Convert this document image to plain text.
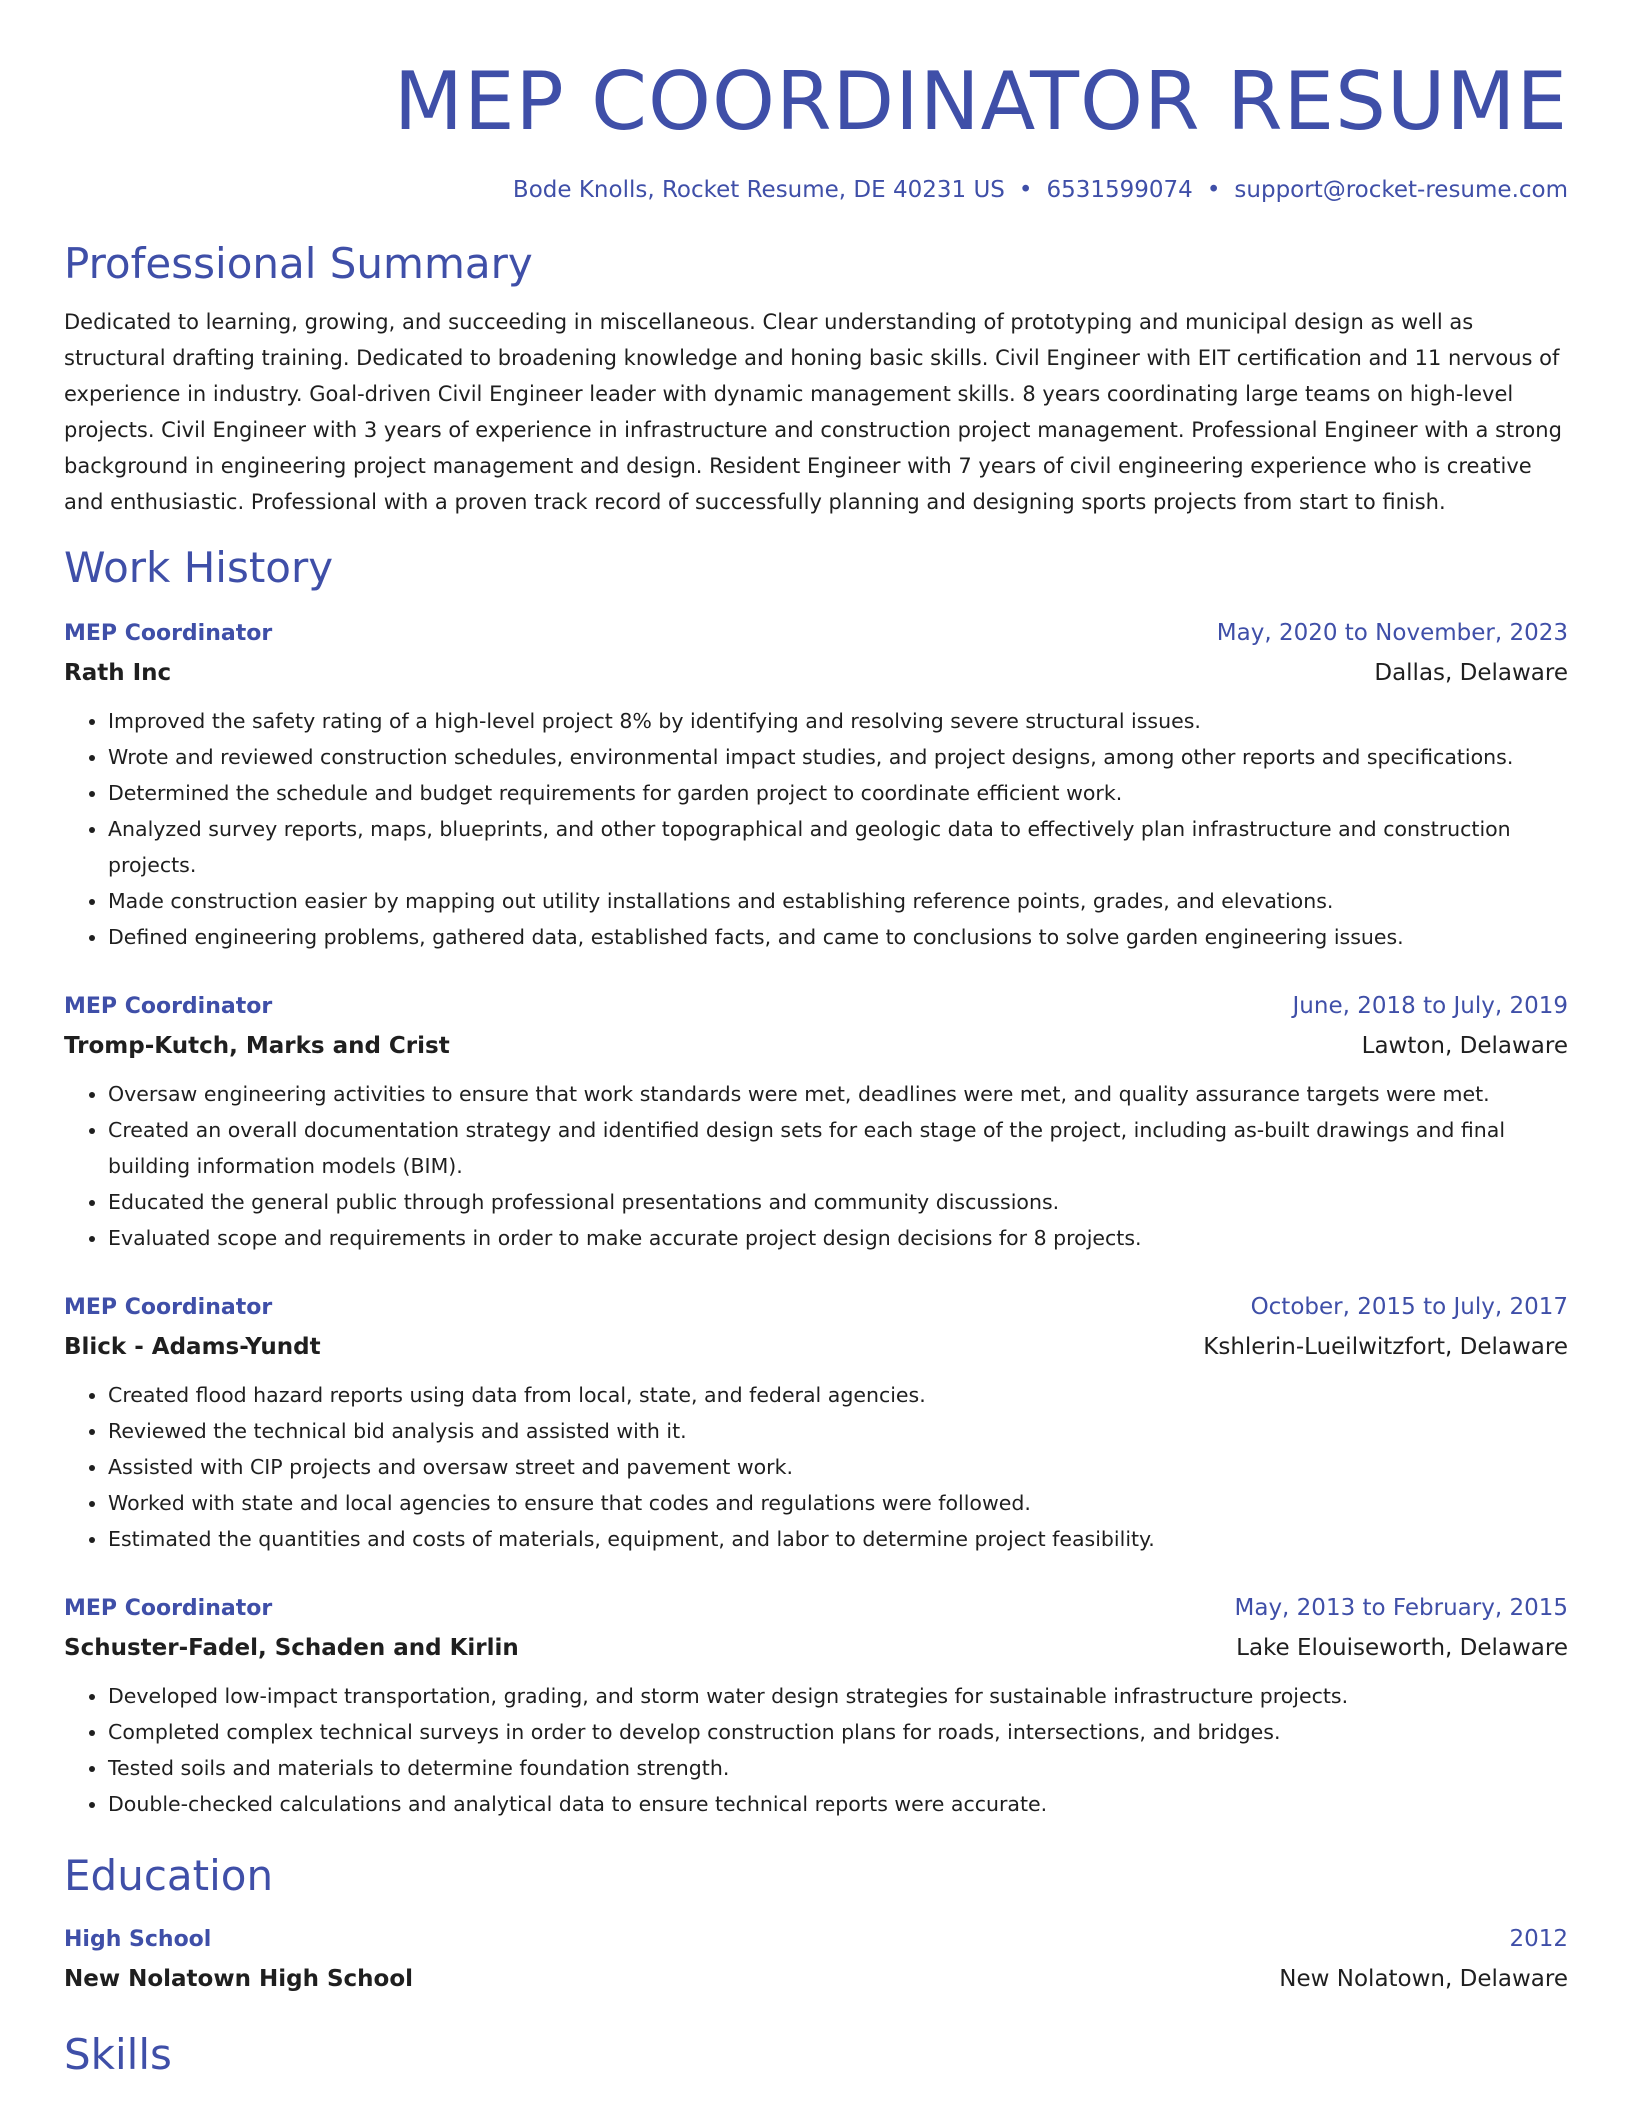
MEP COORDINATOR RESUME
Bode Knolls, Rocket Resume, DE 40231 US • 6531599074 • support@rocket-resume.com
Professional Summary

Dedicated to learning, growing, and succeeding in miscellaneous. Clear understanding of prototyping and municipal design as well as structural drafting training. Dedicated to broadening knowledge and honing basic skills. Civil Engineer with EIT certification and 11 nervous of experience in industry. Goal-driven Civil Engineer leader with dynamic management skills. 8 years coordinating large teams on high-level projects. Civil Engineer with 3 years of experience in infrastructure and construction project management. Professional Engineer with a strong background in engineering project management and design. Resident Engineer with 7 years of civil engineering experience who is creative and enthusiastic. Professional with a proven track record of successfully planning and designing sports projects from start to finish.

Work History
MEP Coordinator	May, 2020 to November, 2023
Rath Inc	Dallas, Delaware
• Improved the safety rating of a high-level project 8% by identifying and resolving severe structural issues.
• Wrote and reviewed construction schedules, environmental impact studies, and project designs, among other reports and specifications.
• Determined the schedule and budget requirements for garden project to coordinate efficient work.
• Analyzed survey reports, maps, blueprints, and other topographical and geologic data to effectively plan infrastructure and construction projects.
• Made construction easier by mapping out utility installations and establishing reference points, grades, and elevations.
• Defined engineering problems, gathered data, established facts, and came to conclusions to solve garden engineering issues.
MEP Coordinator	June, 2018 to July, 2019
Tromp-Kutch, Marks and Crist	Lawton, Delaware
• Oversaw engineering activities to ensure that work standards were met, deadlines were met, and quality assurance targets were met.
• Created an overall documentation strategy and identified design sets for each stage of the project, including as-built drawings and final building information models (BIM).
• Educated the general public through professional presentations and community discussions.
• Evaluated scope and requirements in order to make accurate project design decisions for 8 projects.
MEP Coordinator	October, 2015 to July, 2017
Blick - Adams-Yundt	Kshlerin-Lueilwitzfort, Delaware
• Created flood hazard reports using data from local, state, and federal agencies.
• Reviewed the technical bid analysis and assisted with it.
• Assisted with CIP projects and oversaw street and pavement work.
• Worked with state and local agencies to ensure that codes and regulations were followed.
• Estimated the quantities and costs of materials, equipment, and labor to determine project feasibility.
MEP Coordinator	May, 2013 to February, 2015
Schuster-Fadel, Schaden and Kirlin	Lake Elouiseworth, Delaware
• Developed low-impact transportation, grading, and storm water design strategies for sustainable infrastructure projects.
• Completed complex technical surveys in order to develop construction plans for roads, intersections, and bridges.
• Tested soils and materials to determine foundation strength.
• Double-checked calculations and analytical data to ensure technical reports were accurate.
Education
High School	2012
New Nolatown High School	New Nolatown, Delaware
Skills
